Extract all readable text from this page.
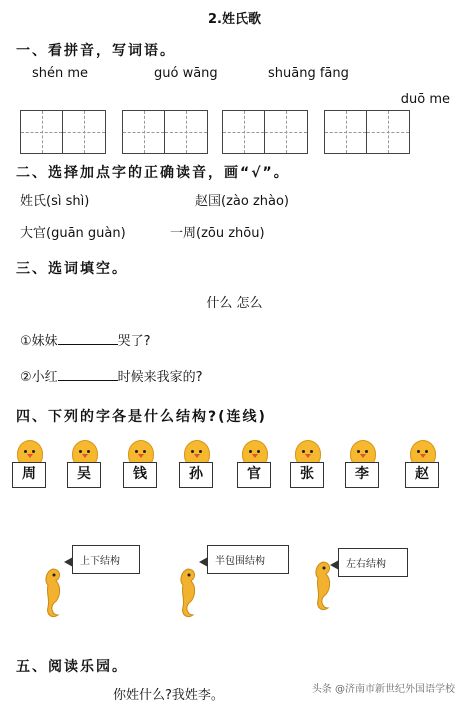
2.姓氏歌
一、看拼音，写词语。
shén me	guó wāng	shuāng fāng
duō me
二、选择加点字的正确读音，画“√”。
姓氏(sì shì)	赵国(zào zhào)
大官(guān guàn)	一周(zōu zhōu)
三、选词填空。
什么 怎么
①妹妹	哭了?
②小红	时候来我家的?
四、下列的字各是什么结构?(连线)
周	吴	钱	孙	官	张	李	赵
上下结构	半包围结构	左右结构
五、阅读乐园。
你姓什么?我姓李。	头条 @济南市新世纪外国语学校
